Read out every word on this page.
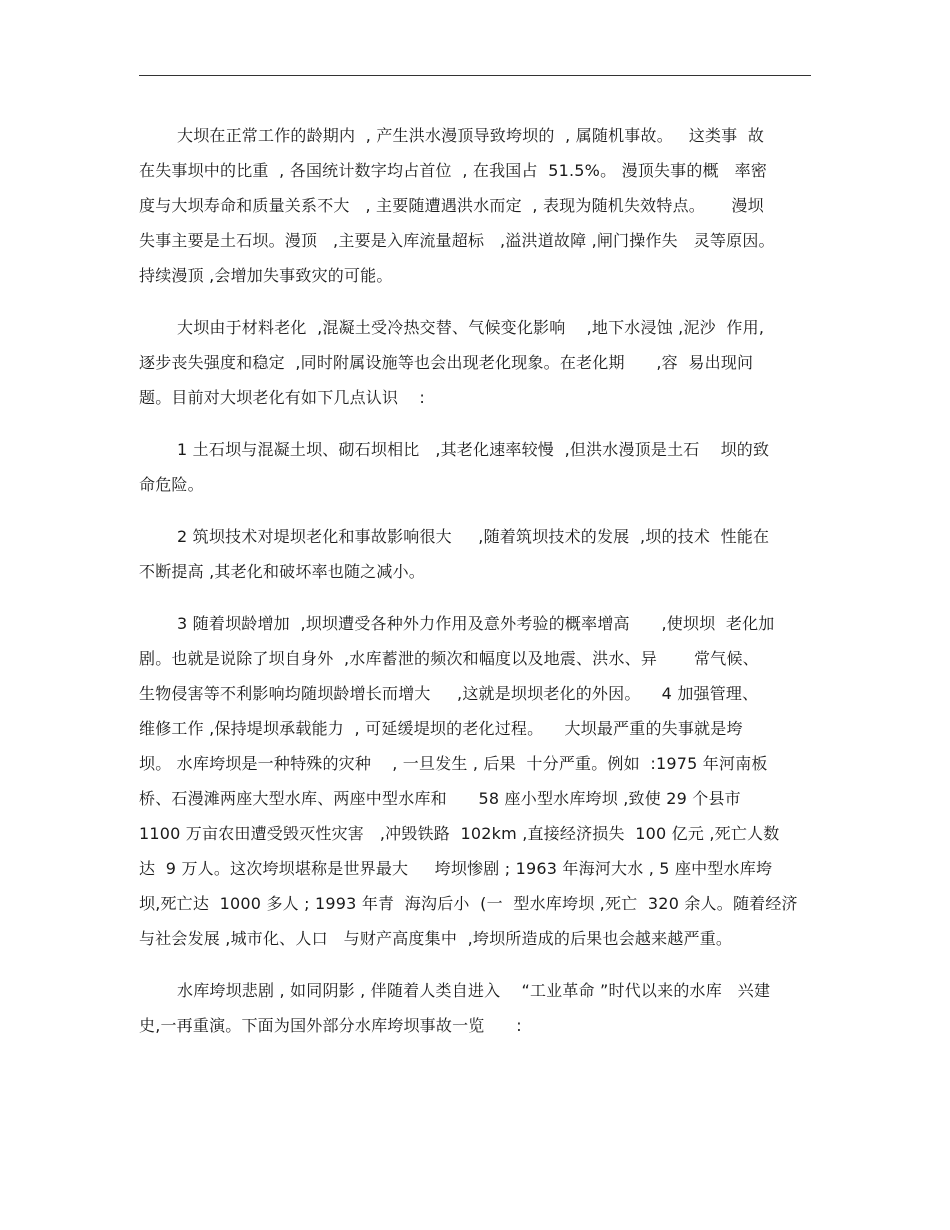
大坝在正常工作的龄期内  , 产生洪水漫顶导致垮坝的  , 属随机事故。   这类事  故
在失事坝中的比重  , 各国统计数字均占首位  , 在我国占  51.5%。 漫顶失事的概   率密
度与大坝寿命和质量关系不大   , 主要随遭遇洪水而定  , 表现为随机失效特点。     漫坝
失事主要是土石坝。漫顶   ,主要是入库流量超标   ,溢洪道故障 ,闸门操作失   灵等原因。
持续漫顶 ,会增加失事致灾的可能。

大坝由于材料老化  ,混凝土受冷热交替、气候变化影响    ,地下水浸蚀 ,泥沙  作用,
逐步丧失强度和稳定  ,同时附属设施等也会出现老化现象。在老化期      ,容  易出现问
题。目前对大坝老化有如下几点认识    :

1 土石坝与混凝土坝、砌石坝相比   ,其老化速率较慢  ,但洪水漫顶是土石    坝的致
命危险。

2 筑坝技术对堤坝老化和事故影响很大     ,随着筑坝技术的发展  ,坝的技术  性能在
不断提高 ,其老化和破坏率也随之减小。

3 随着坝龄增加  ,坝坝遭受各种外力作用及意外考验的概率增高      ,使坝坝  老化加
剧。也就是说除了坝自身外  ,水库蓄泄的频次和幅度以及地震、洪水、异       常气候、
生物侵害等不利影响均随坝龄增长而增大     ,这就是坝坝老化的外因。    4 加强管理、
维修工作 ,保持堤坝承载能力  , 可延缓堤坝的老化过程。    大坝最严重的失事就是垮
坝。 水库垮坝是一种特殊的灾种    , 一旦发生 , 后果  十分严重。例如  :1975 年河南板
桥、石漫滩两座大型水库、两座中型水库和      58 座小型水库垮坝 ,致使 29 个县市
1100 万亩农田遭受毁灭性灾害   ,冲毁铁路  102km ,直接经济损失  100 亿元 ,死亡人数
达  9 万人。这次垮坝堪称是世界最大     垮坝惨剧 ; 1963 年海河大水 , 5 座中型水库垮
坝,死亡达  1000 多人 ; 1993 年青  海沟后小  (一  型水库垮坝 ,死亡  320 余人。随着经济
与社会发展 ,城市化、人口   与财产高度集中  ,垮坝所造成的后果也会越来越严重。

水库垮坝悲剧 , 如同阴影 , 伴随着人类自进入    “工业革命 ”时代以来的水库   兴建
史,一再重演。下面为国外部分水库垮坝事故一览      :
